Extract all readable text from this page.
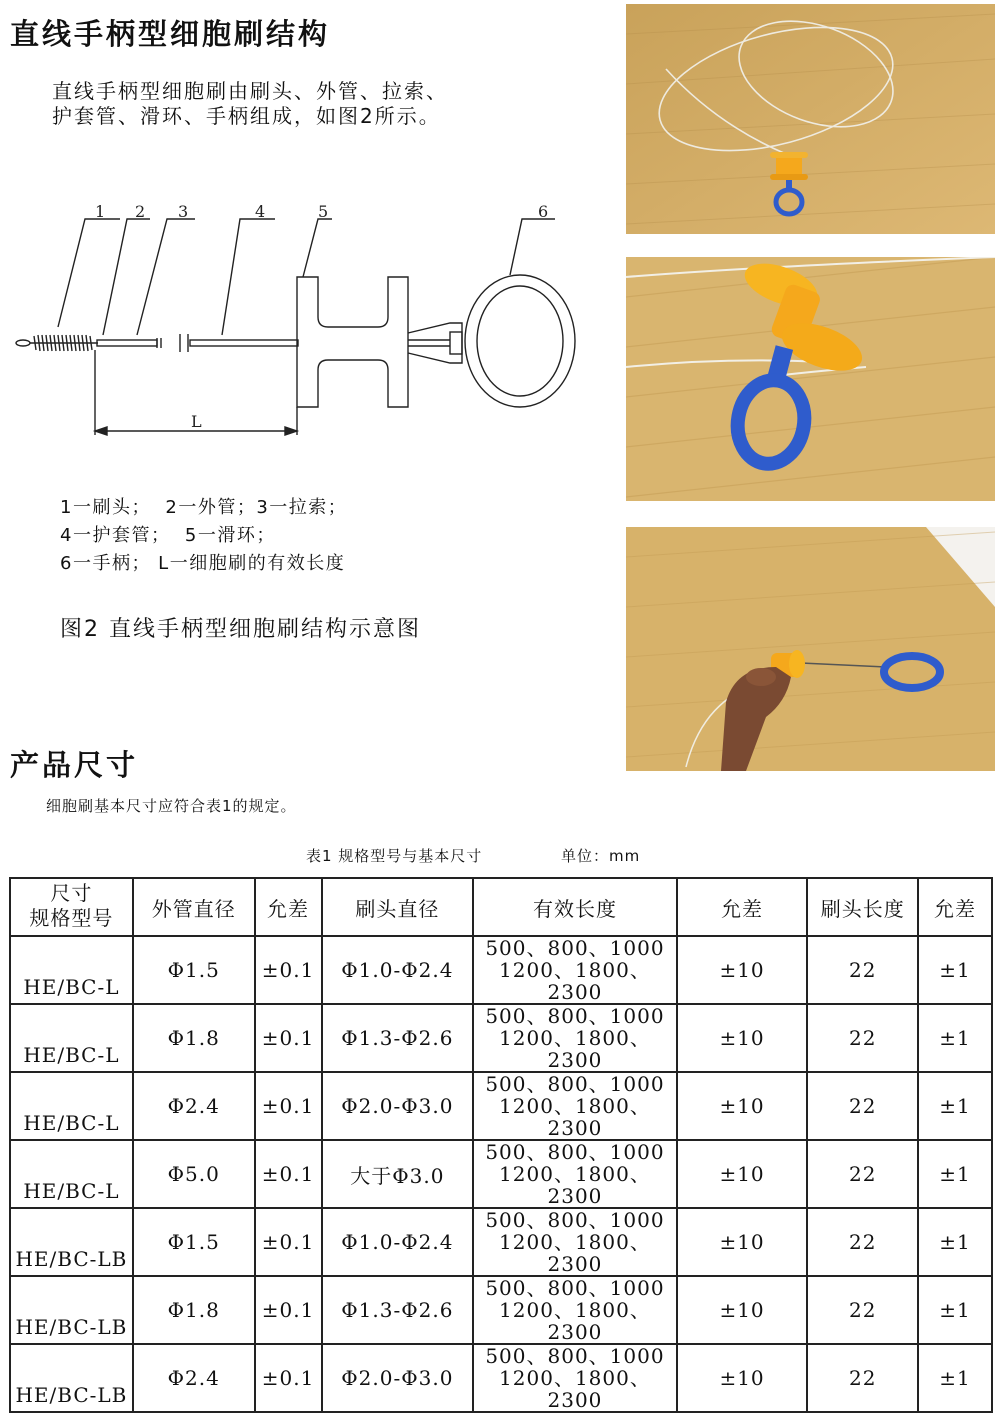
直线手柄型细胞刷结构
直线手柄型细胞刷由刷头、外管、拉索、
护套管、滑环、手柄组成，如图2所示。
1 2 3	4	5	6
L
1一刷头；  2一外管；3一拉索；
4一护套管；  5一滑环；
6一手柄； L一细胞刷的有效长度
图2 直线手柄型细胞刷结构示意图
产品尺寸
细胞刷基本尺寸应符合表1的规定。
表1 规格型号与基本尺寸	单位：mm
尺寸
规格型号	外管直径	允差	刷头直径	有效长度	允差	刷头长度	允差
HE/BC-L	Φ1.5	±0.1	Φ1.0-Φ2.4	500、800、1000
1200、1800、2300	±10	22	±1
HE/BC-L	Φ1.8	±0.1	Φ1.3-Φ2.6	500、800、1000
1200、1800、2300	±10	22	±1
HE/BC-L	Φ2.4	±0.1	Φ2.0-Φ3.0	500、800、1000
1200、1800、2300	±10	22	±1
HE/BC-L	Φ5.0	±0.1	大于Φ3.0	500、800、1000
1200、1800、2300	±10	22	±1
HE/BC-LB	Φ1.5	±0.1	Φ1.0-Φ2.4	500、800、1000
1200、1800、2300	±10	22	±1
HE/BC-LB	Φ1.8	±0.1	Φ1.3-Φ2.6	500、800、1000
1200、1800、2300	±10	22	±1
HE/BC-LB	Φ2.4	±0.1	Φ2.0-Φ3.0	500、800、1000
1200、1800、2300	±10	22	±1
